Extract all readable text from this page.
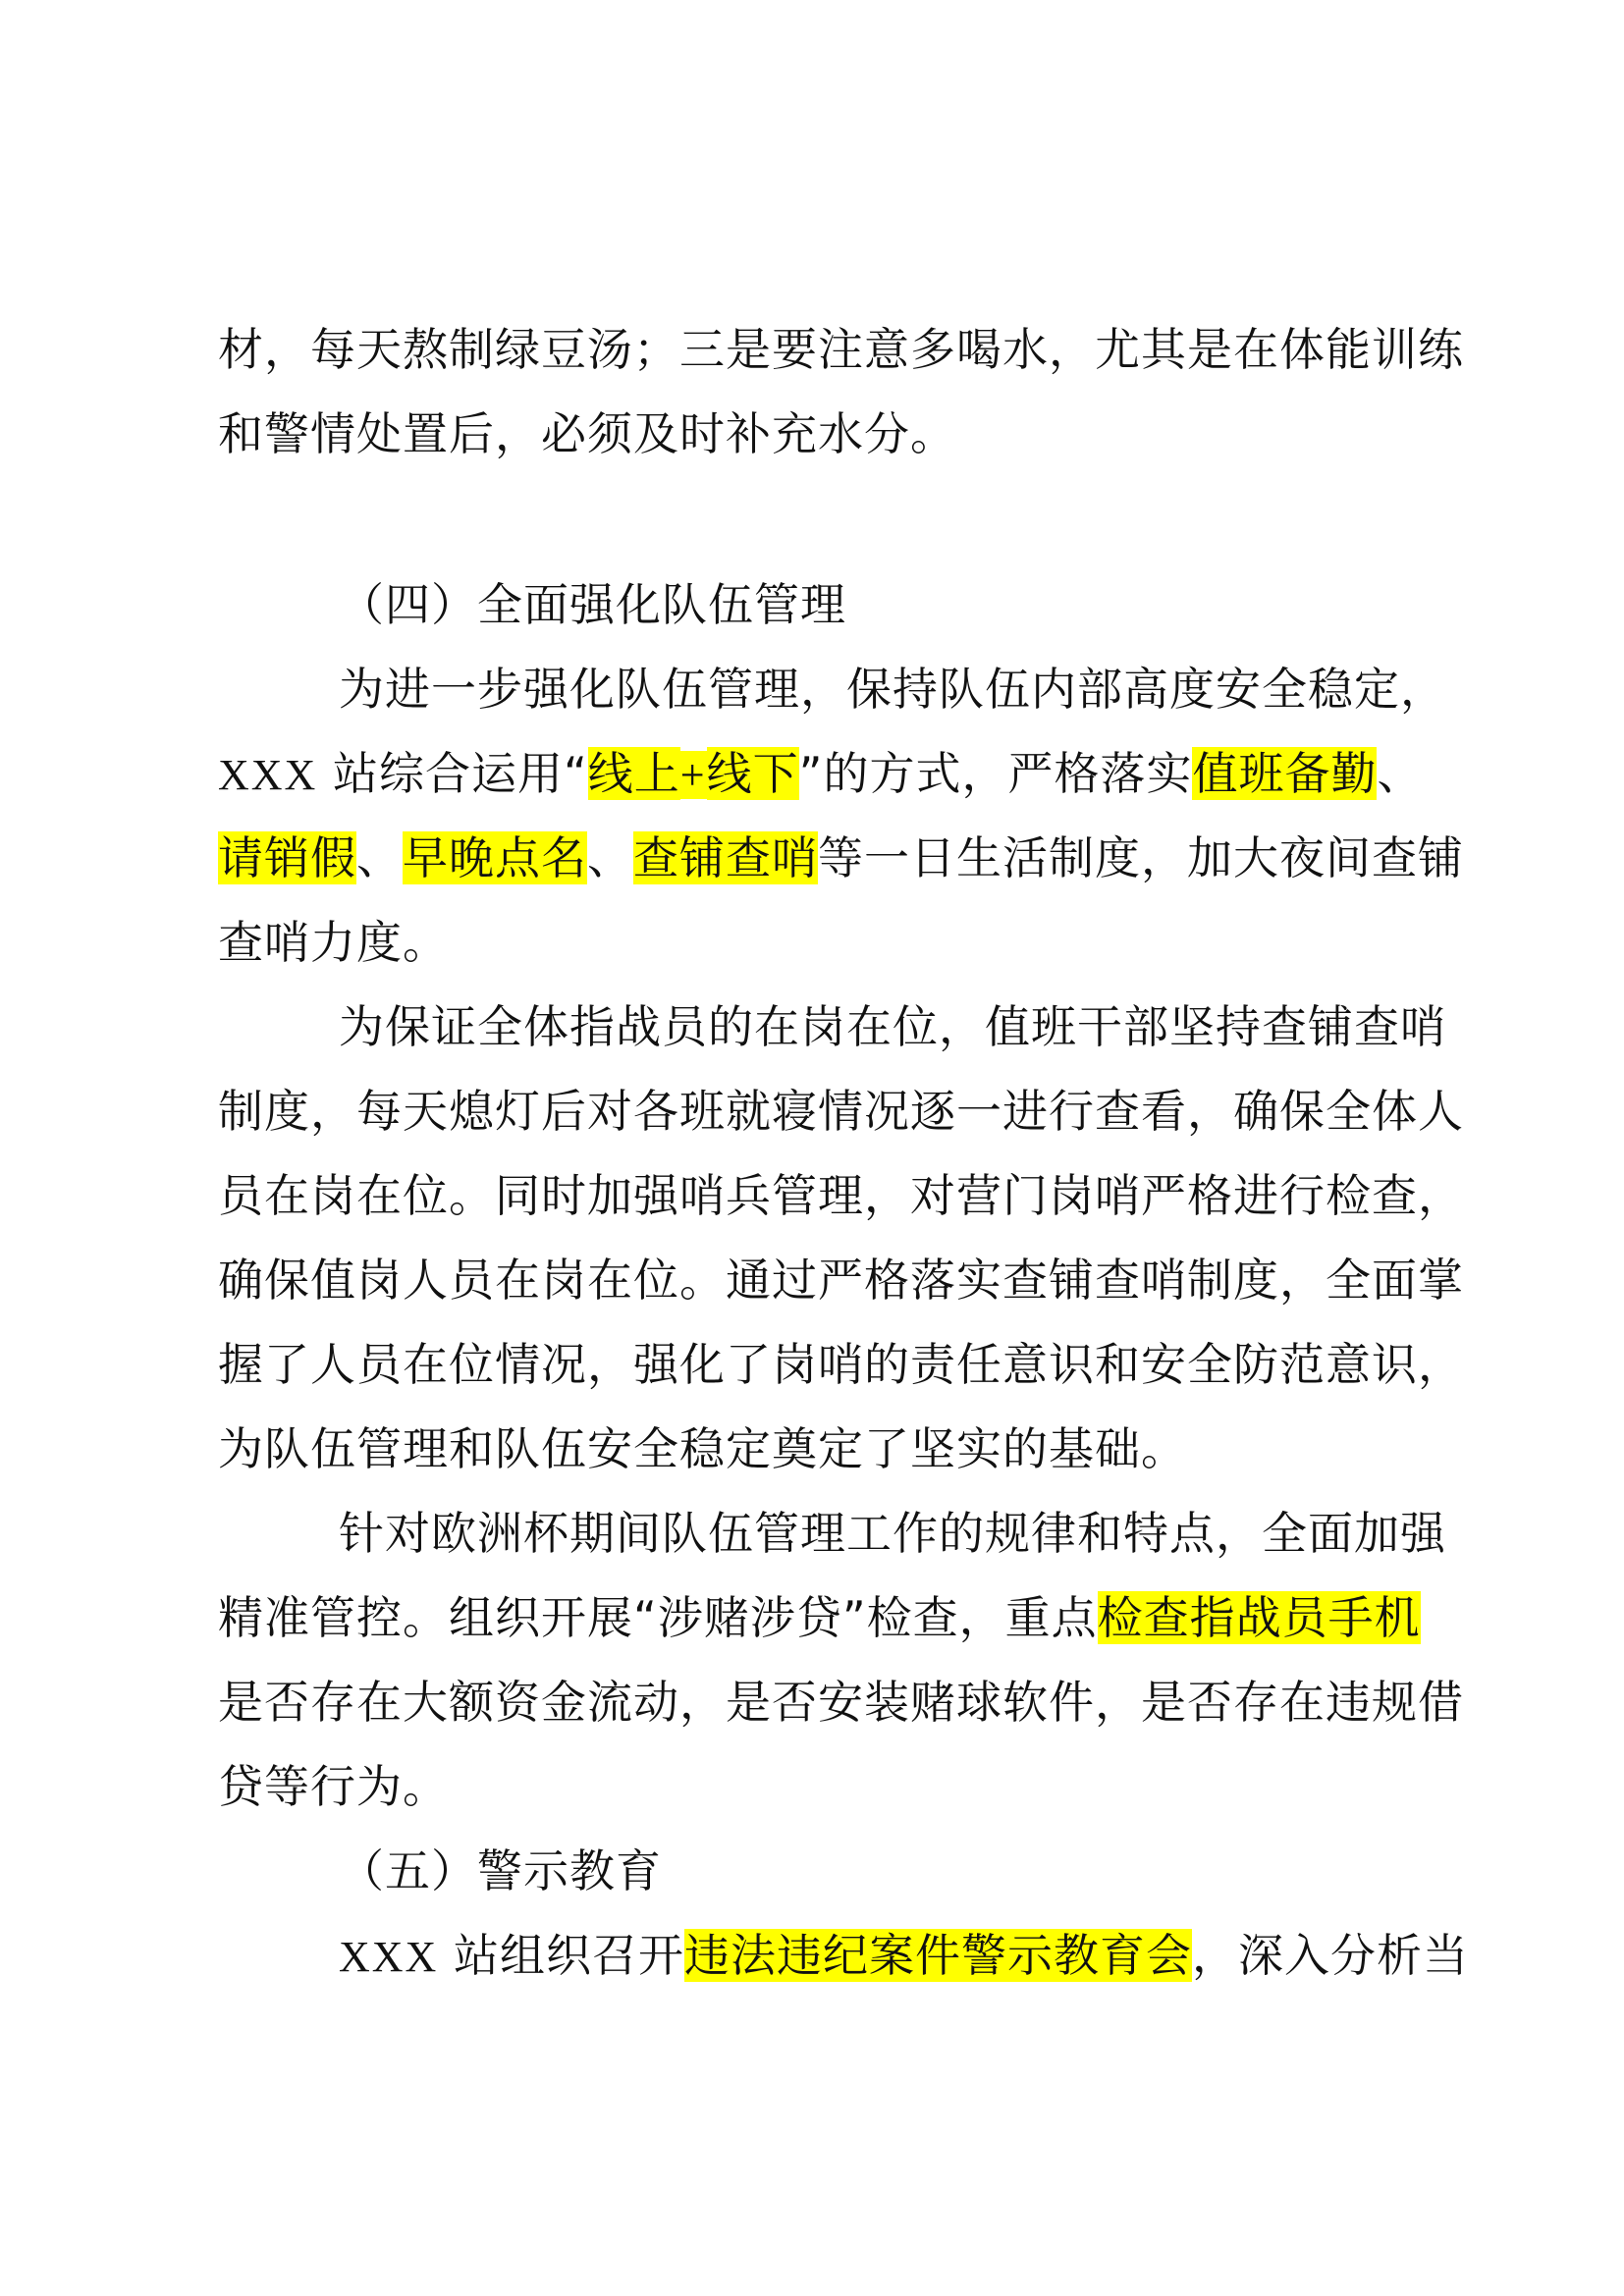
材，每天熬制绿豆汤；三是要注意多喝水，尤其是在体能训练
和警情处置后，必须及时补充水分。
（四）全面强化队伍管理
为进一步强化队伍管理，保持队伍内部高度安全稳定，
XXX 站综合运用“线上+线下”的方式，严格落实值班备勤、
请销假、早晚点名、查铺查哨等一日生活制度，加大夜间查铺
查哨力度。
为保证全体指战员的在岗在位，值班干部坚持查铺查哨
制度，每天熄灯后对各班就寝情况逐一进行查看，确保全体人
员在岗在位。同时加强哨兵管理，对营门岗哨严格进行检查，
确保值岗人员在岗在位。通过严格落实查铺查哨制度，全面掌
握了人员在位情况，强化了岗哨的责任意识和安全防范意识，
为队伍管理和队伍安全稳定奠定了坚实的基础。
针对欧洲杯期间队伍管理工作的规律和特点，全面加强
精准管控。组织开展“涉赌涉贷”检查，重点检查指战员手机
是否存在大额资金流动，是否安装赌球软件，是否存在违规借
贷等行为。
（五）警示教育
XXX 站组织召开违法违纪案件警示教育会，深入分析当
